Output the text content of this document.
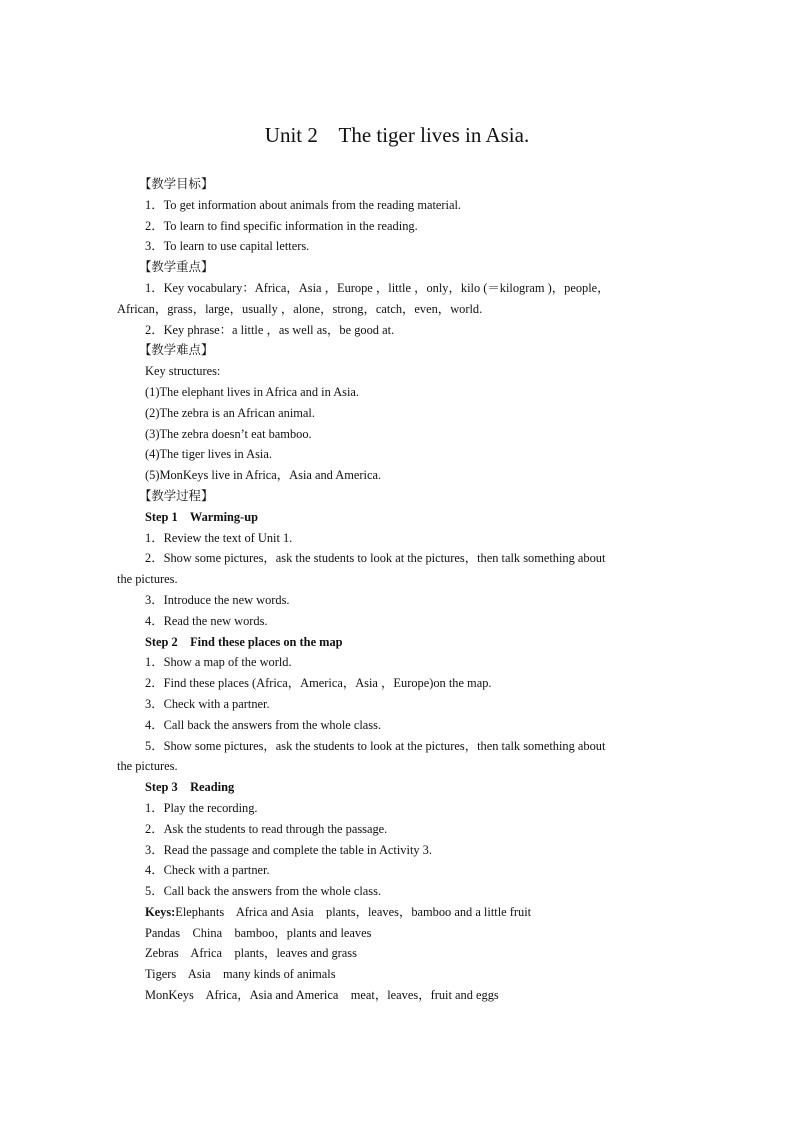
Unit 2    The tiger lives in Asia.
【教学目标】
1．To get information about animals from the reading material.
2．To learn to find specific information in the reading.
3．To learn to use capital letters.
【教学重点】
1．Key vocabulary：Africa，Asia ，Europe ，little ，only，kilo (＝kilogram )，people，
African，grass，large，usually ，alone，strong，catch，even，world.
2．Key phrase：a little ，as well as，be good at.
【教学难点】
Key structures:
(1)The elephant lives in Africa and in Asia.
(2)The zebra is an African animal.
(3)The zebra doesn’t eat bamboo.
(4)The tiger lives in Asia.
(5)MonKeys live in Africa，Asia and America.
【教学过程】
Step 1    Warming-up
1．Review the text of Unit 1.
2．Show some pictures，ask the students to look at the pictures，then talk something about
the pictures.
3．Introduce the new words.
4．Read the new words.
Step 2    Find these places on the map
1．Show a map of the world.
2．Find these places (Africa，America，Asia ，Europe)on the map.
3．Check with a partner.
4．Call back the answers from the whole class.
5．Show some pictures，ask the students to look at the pictures，then talk something about
the pictures.
Step 3    Reading
1．Play the recording.
2．Ask the students to read through the passage.
3．Read the passage and complete the table in Activity 3.
4．Check with a partner.
5．Call back the answers from the whole class.
Keys:Elephants    Africa and Asia    plants，leaves，bamboo and a little fruit
Pandas    China    bamboo，plants and leaves
Zebras    Africa    plants，leaves and grass
Tigers    Asia    many kinds of animals
MonKeys    Africa，Asia and America    meat，leaves，fruit and eggs
